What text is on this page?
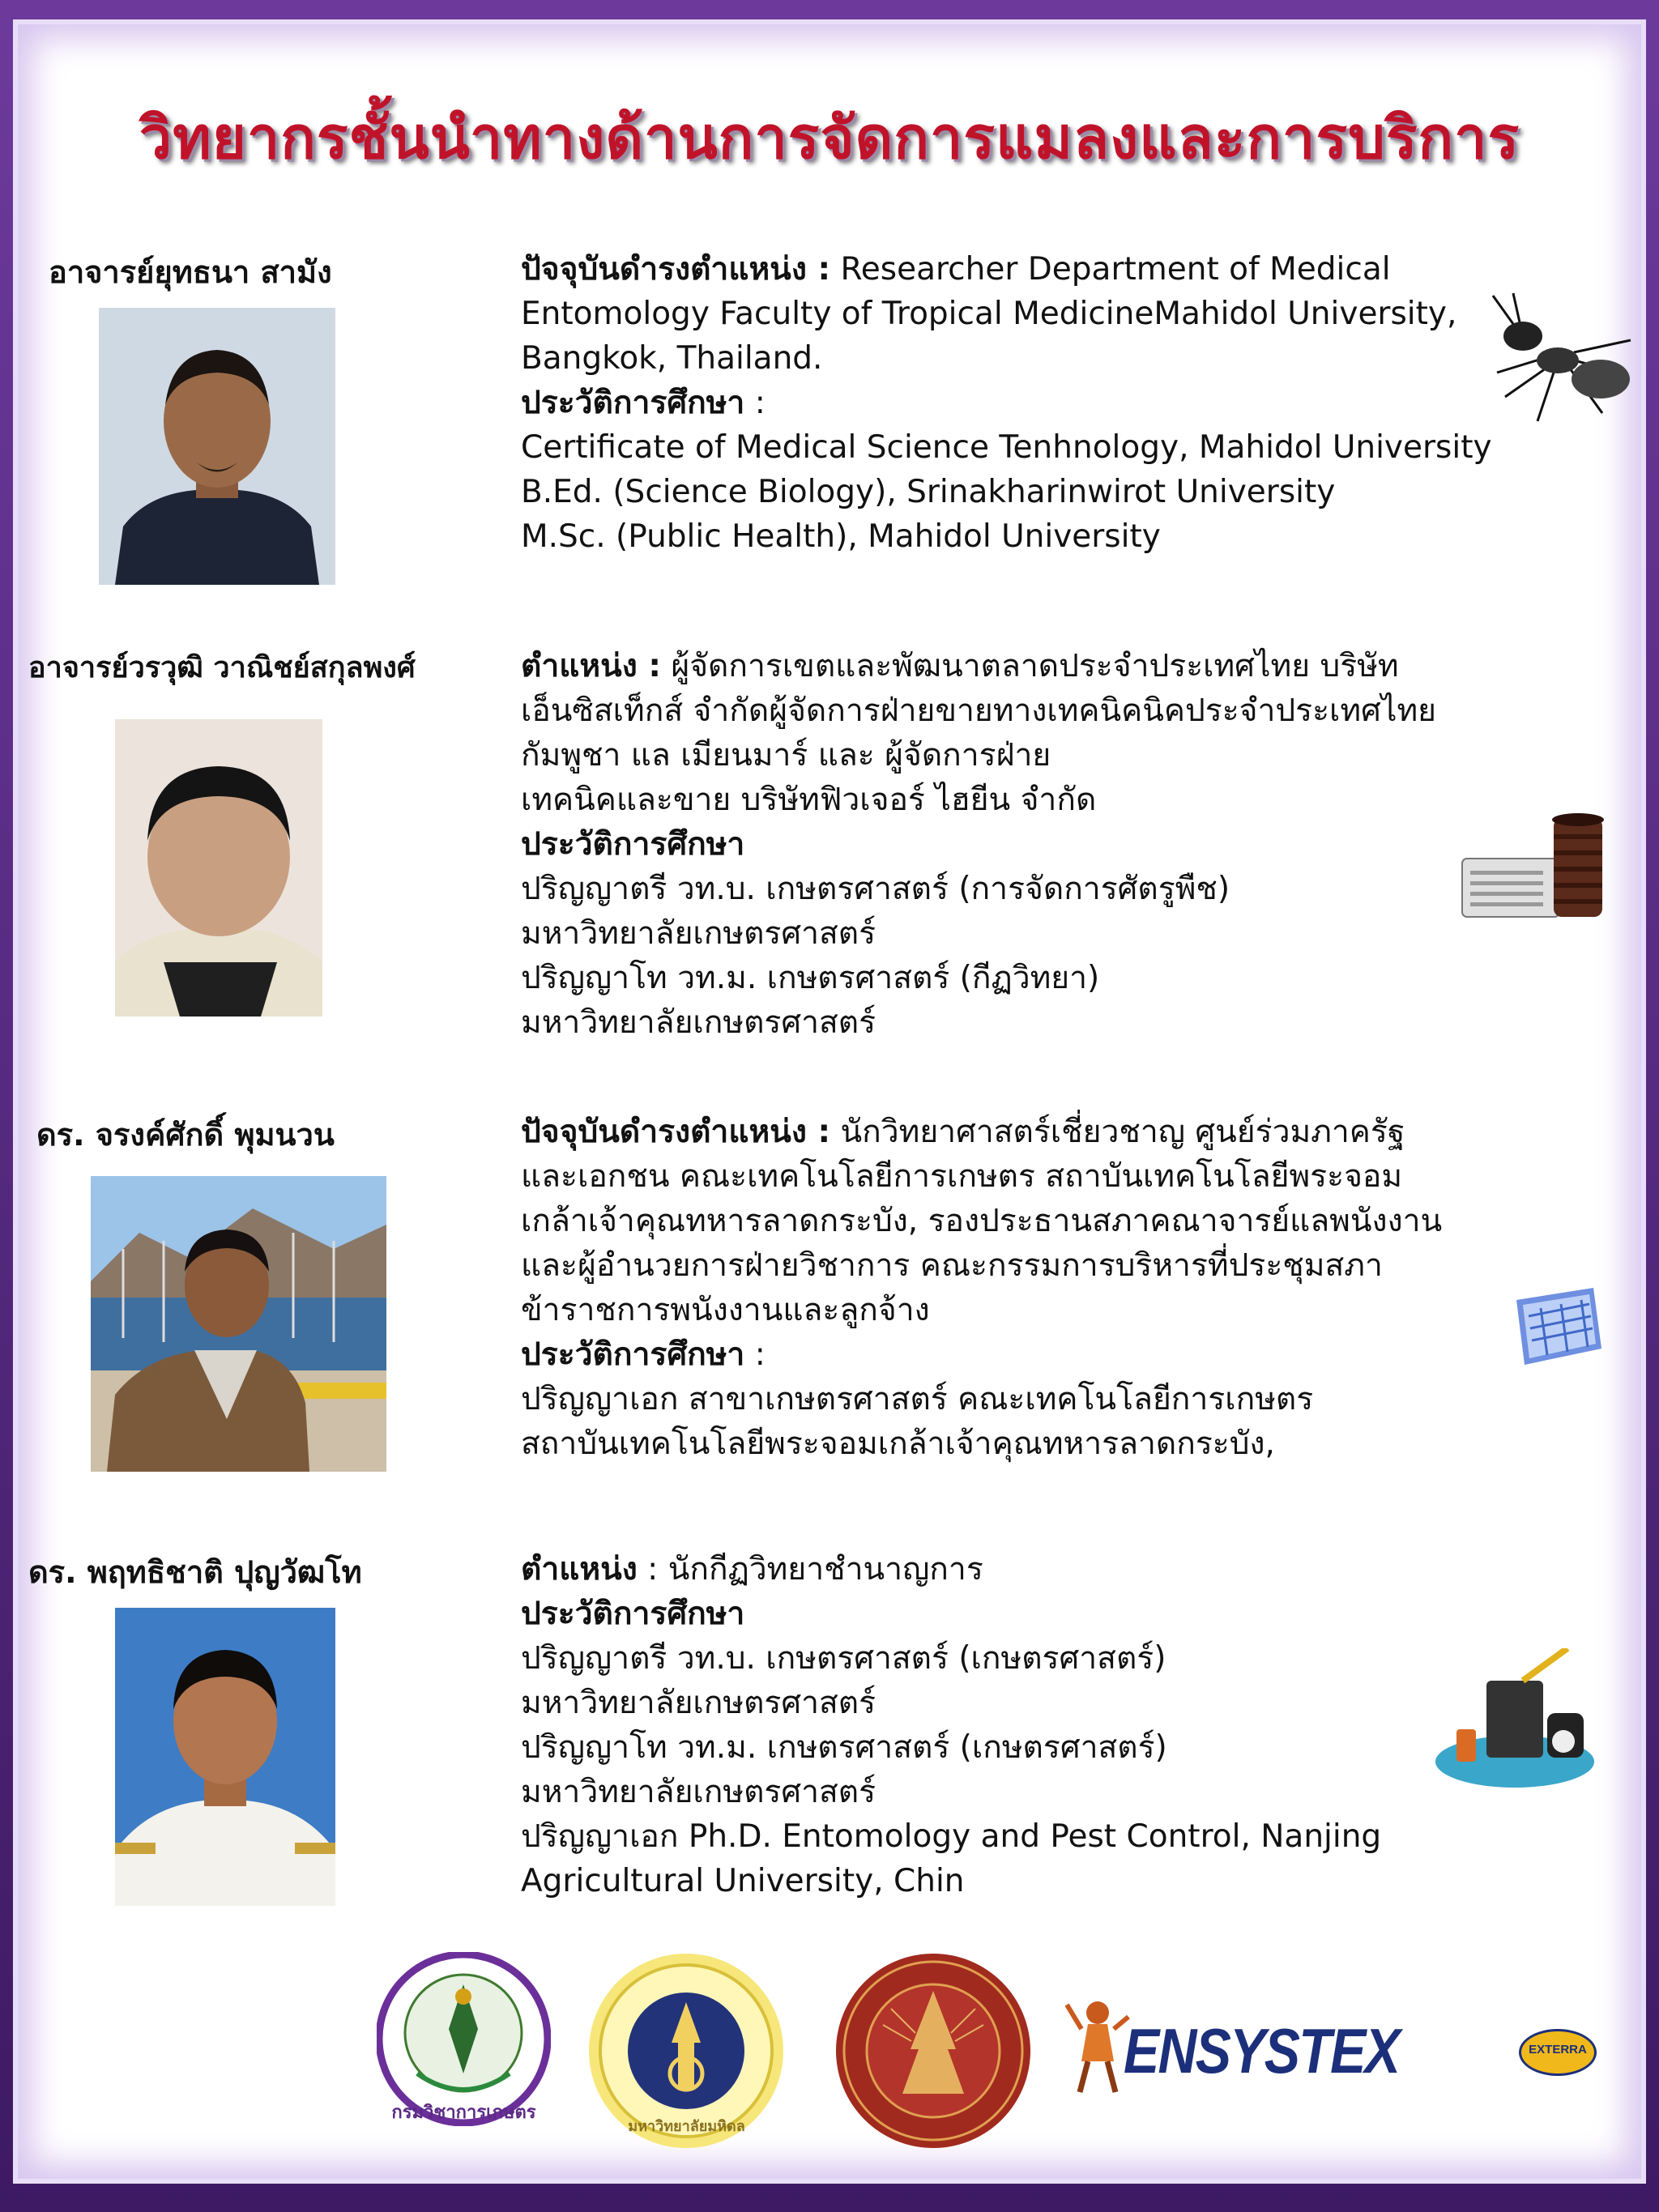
วิทยากรชั้นนำทางด้านการจัดการแมลงและการบริการ
อาจารย์ยุทธนา สามัง	ปัจจุบันดำรงตำแหน่ง : Researcher Department of Medical
Entomology Faculty of Tropical MedicineMahidol University,
Bangkok, Thailand.
ประวัติการศึกษา :
Certificate of Medical Science Tenhnology, Mahidol University
B.Ed. (Science Biology), Srinakharinwirot University
M.Sc. (Public Health), Mahidol University
อาจารย์วรวุฒิ วาณิชย์สกุลพงศ์	ตำแหน่ง : ผู้จัดการเขตและพัฒนาตลาดประจำประเทศไทย บริษัท
เอ็นซิสเท็กส์ จำกัดผู้จัดการฝ่ายขายทางเทคนิคนิคประจำประเทศไทย
กัมพูชา แล เมียนมาร์ และ ผู้จัดการฝ่าย
เทคนิคและขาย บริษัทฟิวเจอร์ ไฮยีน จำกัด
ประวัติการศึกษา
ปริญญาตรี วท.บ. เกษตรศาสตร์ (การจัดการศัตรูพืช)
มหาวิทยาลัยเกษตรศาสตร์
ปริญญาโท วท.ม. เกษตรศาสตร์ (กีฏวิทยา)
มหาวิทยาลัยเกษตรศาสตร์
ดร. จรงค์ศักดิ์ พุมนวน	ปัจจุบันดำรงตำแหน่ง : นักวิทยาศาสตร์เชี่ยวชาญ ศูนย์ร่วมภาครัฐ
และเอกชน คณะเทคโนโลยีการเกษตร สถาบันเทคโนโลยีพระจอม
เกล้าเจ้าคุณทหารลาดกระบัง, รองประธานสภาคณาจารย์แลพนังงาน
และผู้อำนวยการฝ่ายวิชาการ คณะกรรมการบริหารที่ประชุมสภา
ข้าราชการพนังงานและลูกจ้าง
ประวัติการศึกษา :
ปริญญาเอก สาขาเกษตรศาสตร์ คณะเทคโนโลยีการเกษตร
สถาบันเทคโนโลยีพระจอมเกล้าเจ้าคุณทหารลาดกระบัง,
ดร. พฤทธิชาติ ปุญวัฒโท	ตำแหน่ง : นักกีฏวิทยาชำนาญการ
ประวัติการศึกษา
ปริญญาตรี วท.บ. เกษตรศาสตร์ (เกษตรศาสตร์)
มหาวิทยาลัยเกษตรศาสตร์
ปริญญาโท วท.ม. เกษตรศาสตร์ (เกษตรศาสตร์)
มหาวิทยาลัยเกษตรศาสตร์
ปริญญาเอก Ph.D. Entomology and Pest Control, Nanjing
Agricultural University, Chin
กรมวิชาการเกษตร
มหาวิทยาลัยมหิดล
ENSYSTEX	EXTERRA
